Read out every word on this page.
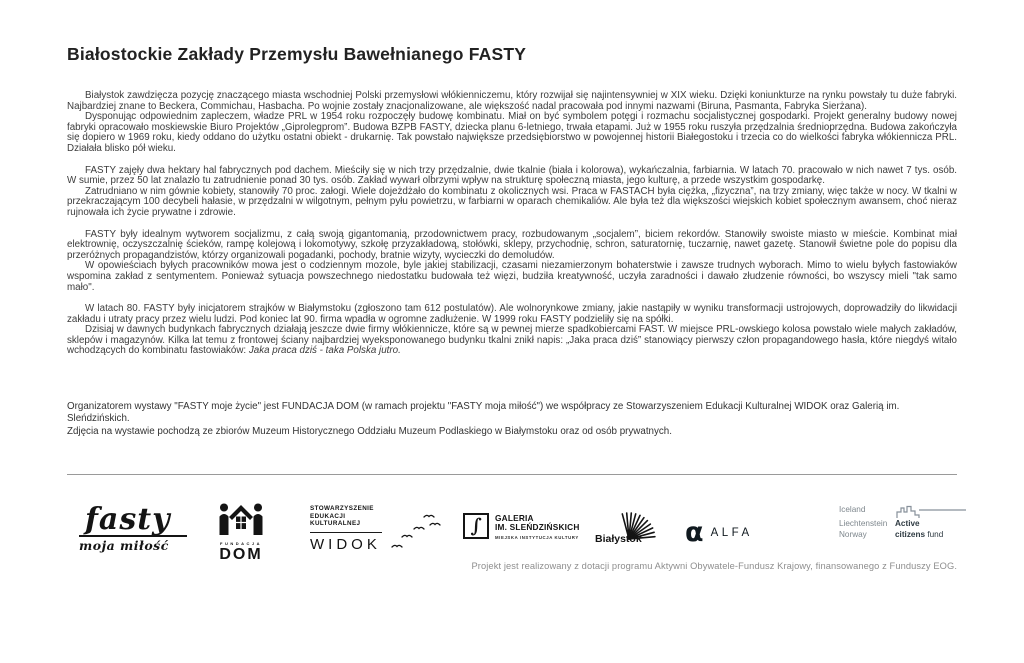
Białostockie Zakłady Przemysłu Bawełnianego FASTY

Białystok zawdzięcza pozycję znaczącego miasta wschodniej Polski przemysłowi włókienniczemu, który rozwijał się najintensywniej w XIX wieku. Dzięki koniunkturze na rynku powstały tu duże fabryki. Najbardziej znane to Beckera, Commichau, Hasbacha. Po wojnie zostały znacjonalizowane, ale większość nadal pracowała pod innymi nazwami (Biruna, Pasmanta, Fabryka Sierżana).

Dysponując odpowiednim zapleczem, władze PRL w 1954 roku rozpoczęły budowę kombinatu. Miał on być symbolem potęgi i rozmachu socjalistycznej gospodarki. Projekt generalny budowy nowej fabryki opracowało moskiewskie Biuro Projektów „Giprolegprom”. Budowa BZPB FASTY, dziecka planu 6-letniego, trwała etapami. Już w 1955 roku ruszyła przędzalnia średnioprzędna. Budowa zakończyła się dopiero w 1969 roku, kiedy oddano do użytku ostatni obiekt - drukarnię. Tak powstało największe przedsiębiorstwo w powojennej historii Białegostoku i trzecia co do wielkości fabryka włókiennicza PRL. Działała blisko pół wieku.

FASTY zajęły dwa hektary hal fabrycznych pod dachem. Mieściły się w nich trzy przędzalnie, dwie tkalnie (biała i kolorowa), wykańczalnia, farbiarnia. W latach 70. pracowało w nich nawet 7 tys. osób. W sumie, przez 50 lat znalazło tu zatrudnienie ponad 30 tys. osób. Zakład wywarł olbrzymi wpływ na strukturę społeczną miasta, jego kulturę, a przede wszystkim gospodarkę.

Zatrudniano w nim gównie kobiety, stanowiły 70 proc. załogi. Wiele dojeżdżało do kombinatu z okolicznych wsi. Praca w FASTACH była ciężka, „fizyczna”, na trzy zmiany, więc także w nocy. W tkalni w przekraczającym 100 decybeli hałasie, w przędzalni w wilgotnym, pełnym pyłu powietrzu, w farbiarni w oparach chemikaliów. Ale była też dla większości wiejskich kobiet społecznym awansem, choć nieraz rujnowała ich życie prywatne i zdrowie.

FASTY były idealnym wytworem socjalizmu, z całą swoją gigantomanią, przodownictwem pracy, rozbudowanym „socjalem”, biciem rekordów. Stanowiły swoiste miasto w mieście. Kombinat miał elektrownię, oczyszczalnię ścieków, rampę kolejową i lokomotywy, szkołę przyzakładową, stołówki, sklepy, przychodnię, schron, saturatornię, tuczarnię, nawet gazetę. Stanowił świetne pole do popisu dla przeróżnych propagandzistów, którzy organizowali pogadanki, pochody, bratnie wizyty, wycieczki do demoludów.

W opowieściach byłych pracowników mowa jest o codziennym mozole, byle jakiej stabilizacji, czasami niezamierzonym bohaterstwie i zawsze trudnych wyborach. Mimo to wielu byłych fastowiaków wspomina zakład z sentymentem. Ponieważ sytuacja powszechnego niedostatku budowała też więzi, budziła kreatywność, uczyła zaradności i dawało złudzenie równości, bo wszyscy mieli "tak samo mało".

W latach 80. FASTY były inicjatorem strajków w Białymstoku (zgłoszono tam 612 postulatów). Ale wolnorynkowe zmiany, jakie nastąpiły w wyniku transformacji ustrojowych, doprowadziły do likwidacji zakładu i utraty pracy przez wielu ludzi. Pod koniec lat 90. firma wpadła w ogromne zadłużenie. W 1999 roku FASTY podzieliły się na spółki.

Dzisiaj w dawnych budynkach fabrycznych działają jeszcze dwie firmy włókiennicze, które są w pewnej mierze spadkobiercami FAST. W miejsce PRL-owskiego kolosa powstało wiele małych zakładów, sklepów i magazynów. Kilka lat temu z frontowej ściany najbardziej wyeksponowanego budynku tkalni znikł napis: „Jaka praca dziś” stanowiący pierwszy człon propagandowego hasła, które niegdyś witało wchodzących do kombinatu fastowiaków: Jaka praca dziś - taka Polska jutro.

Organizatorem wystawy "FASTY moje życie" jest FUNDACJA DOM (w ramach projektu "FASTY moja miłość") we współpracy ze Stowarzyszeniem Edukacji Kulturalnej WIDOK oraz Galerią im. Sleńdzińskich.

Zdjęcia na wystawie pochodzą ze zbiorów Muzeum Historycznego Oddziału Muzeum Podlaskiego w Białymstoku oraz od osób prywatnych.

fasty
moja miłość	FUNDACJA
DOM
STOWARZYSZENIE
EDUKACJI
KULTURALNEJ
WIDOK
∫ GALERIA
IM. SLEŃDZIŃSKICH
MIEJSKA INSTYTUCJA KULTURY Białystok α ALFA
Iceland
Liechtenstein Active
Norway	citizens fund
Projekt jest realizowany z dotacji programu Aktywni Obywatele-Fundusz Krajowy, finansowanego z Funduszy EOG.
